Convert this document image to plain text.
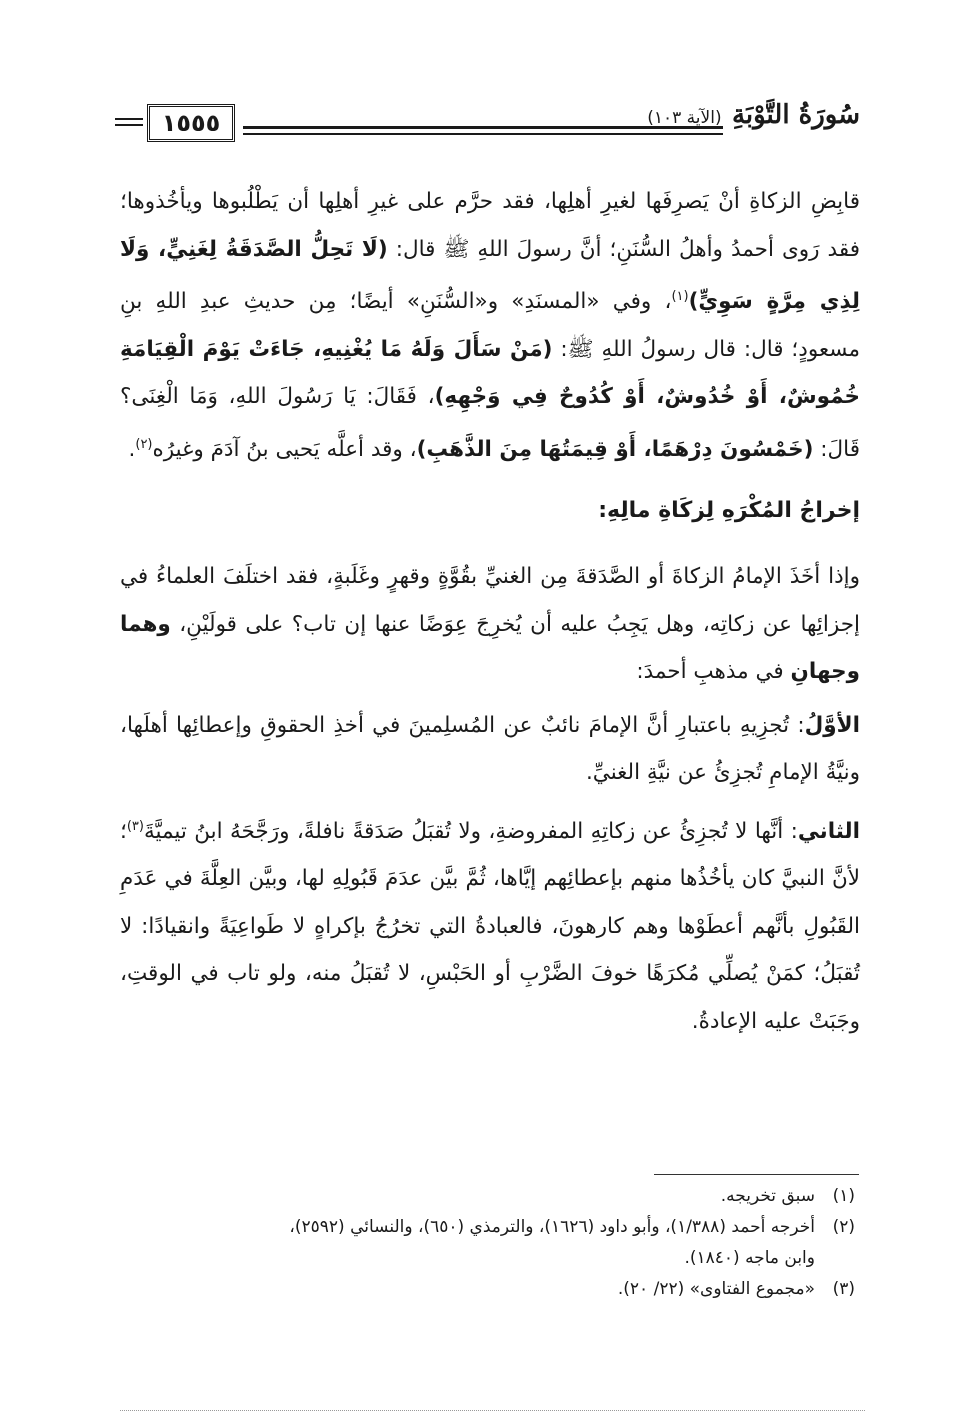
١٥٥٥	سُورَةُ التَّوْبَةِ (الآية ١٠٣)

قابِضِ الزكاةِ أنْ يَصرِفَها لغيرِ أهلِها، فقد حرَّم على غيرِ أهلِها أن يَطْلُبوها ويأخُذوها؛ فقد رَوى أحمدُ وأهلُ السُّنَنِ؛ أنَّ رسولَ اللهِ ﷺ قال: (لَا تَحِلُّ الصَّدَقَةُ لِغَنِيٍّ، وَلَا لِذِي مِرَّةٍ سَوِيٍّ)$^{(١)}$، وفي «المسنَدِ» و«السُّنَنِ» أيضًا؛ مِن حديثِ عبدِ اللهِ بنِ مسعودٍ؛ قال: قال رسولُ اللهِ ﷺ: (مَنْ سَأَلَ وَلَهُ مَا يُغْنِيهِ، جَاءَتْ يَوْمَ الْقِيَامَةِ خُمُوشٌ، أَوْ خُدُوشٌ، أَوْ كُدُوحٌ فِي وَجْهِهِ)، فَقَالَ: يَا رَسُولَ اللهِ، وَمَا الْغِنَى؟ قَالَ: (خَمْسُونَ دِرْهَمًا، أَوْ قِيمَتُهَا مِنَ الذَّهَبِ)، وقد أعلَّه يَحيى بنُ آدَمَ وغيرُه$^{(٢)}$.

إخراجُ المُكْرَهِ لِزكَاةِ مالِهِ:

وإذا أخَذَ الإمامُ الزكاةَ أو الصَّدَقةَ مِن الغنيِّ بقُوَّةٍ وقهرٍ وغَلَبةٍ، فقد اختلَفَ العلماءُ في إجزائِها عن زكاتِه، وهل يَجِبُ عليه أن يُخرِجَ عِوَضًا عنها إن تاب؟ على قولَيْنِ، وهما وجهانِ في مذهبِ أحمدَ:

الأوَّلُ: تُجزِيهِ باعتبارِ أنَّ الإمامَ نائبٌ عن المُسلِمينَ في أخذِ الحقوقِ وإعطائِها أهلَها، ونيَّةُ الإمامِ تُجزِئُ عن نيَّةِ الغنيِّ.

الثاني: أنَّها لا تُجزِئُ عن زكاتِهِ المفروضةِ، ولا تُقبَلُ صَدَقةً نافلةً، ورَجَّحَهُ ابنُ تيميَّةَ$^{(٣)}$؛ لأنَّ النبيَّ كان يأخُذُها منهم بإعطائِهم إيَّاها، ثُمَّ بيَّن عدَمَ قَبُولِهِ لها، وبيَّن العِلَّةَ في عَدَمِ القَبُولِ بأنَّهم أعطَوْها وهم كارهونَ، فالعبادةُ التي تخرُجُ بإكراهٍ لا طَواعِيَةً وانقيادًا: لا تُقبَلُ؛ كمَنْ يُصلِّي مُكرَهًا خوفَ الضَّرْبِ أو الحَبْسِ، لا تُقبَلُ منه، ولو تاب في الوقتِ، وجَبَتْ عليه الإعادةُ.

(١)سبق تخريجه.

(٢)أخرجه أحمد (١/٣٨٨)، وأبو داود (١٦٢٦)، والترمذي (٦٥٠)، والنسائي (٢٥٩٢)،

وابن ماجه (١٨٤٠).

(٣)«مجموع الفتاوى» (٢٢/ ٢٠).
